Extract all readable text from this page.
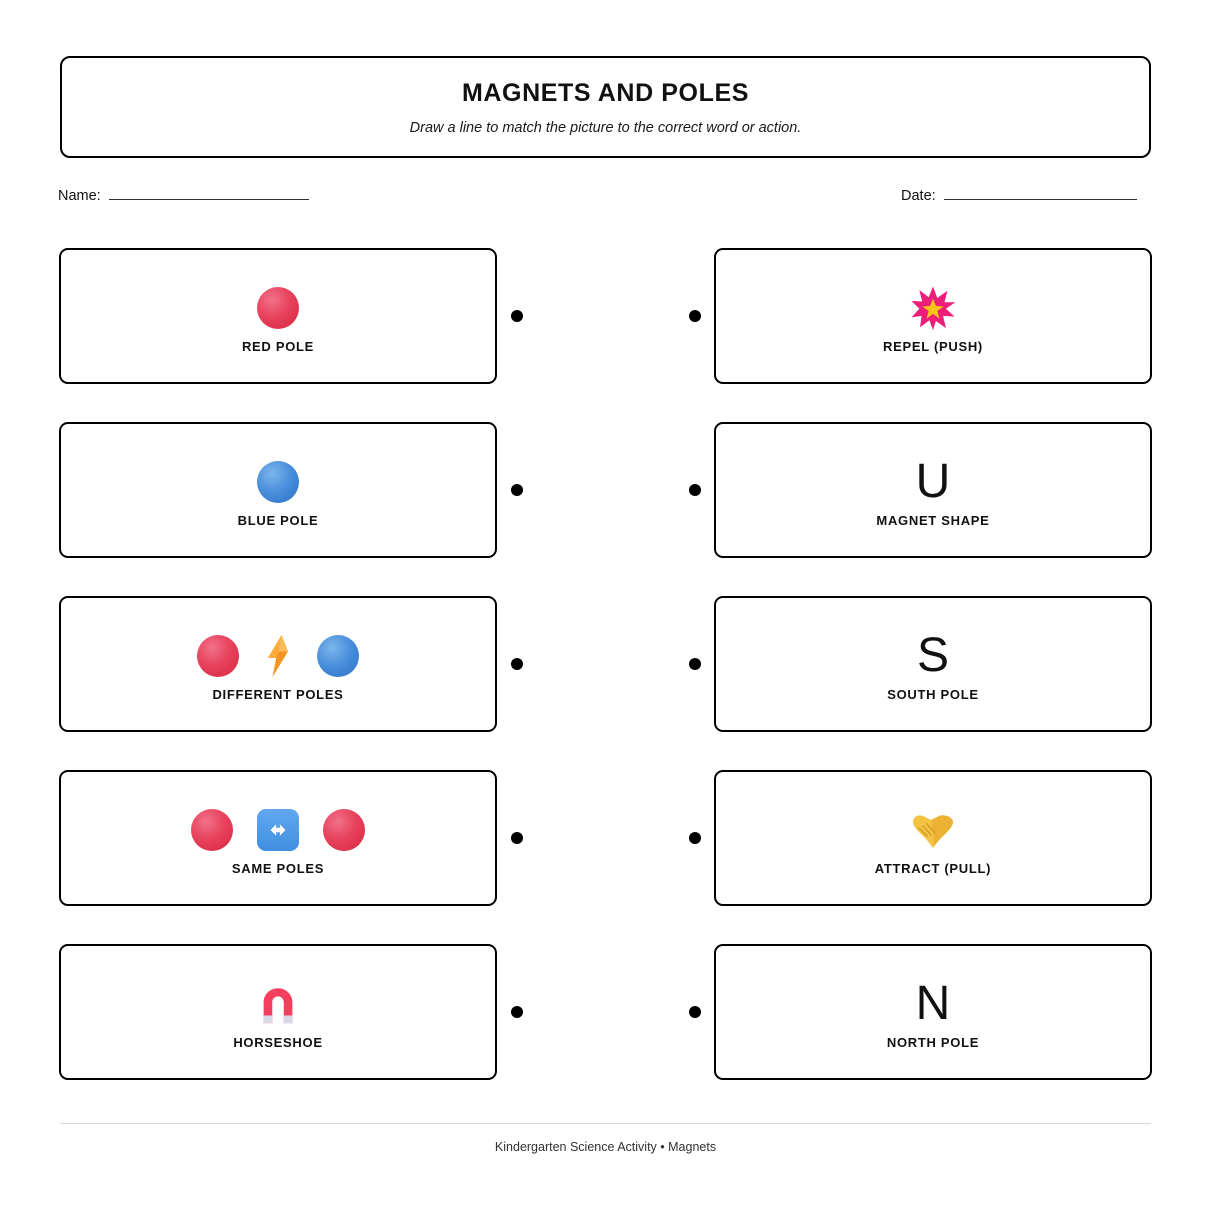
MAGNETS AND POLES
Draw a line to match the picture to the correct word or action.
Name:	Date:
RED POLE	REPEL (PUSH)
BLUE POLE
U
MAGNET SHAPE
DIFFERENT POLES
S
SOUTH POLE
SAME POLES	ATTRACT (PULL)
HORSESHOE
N
NORTH POLE
Kindergarten Science Activity • Magnets
